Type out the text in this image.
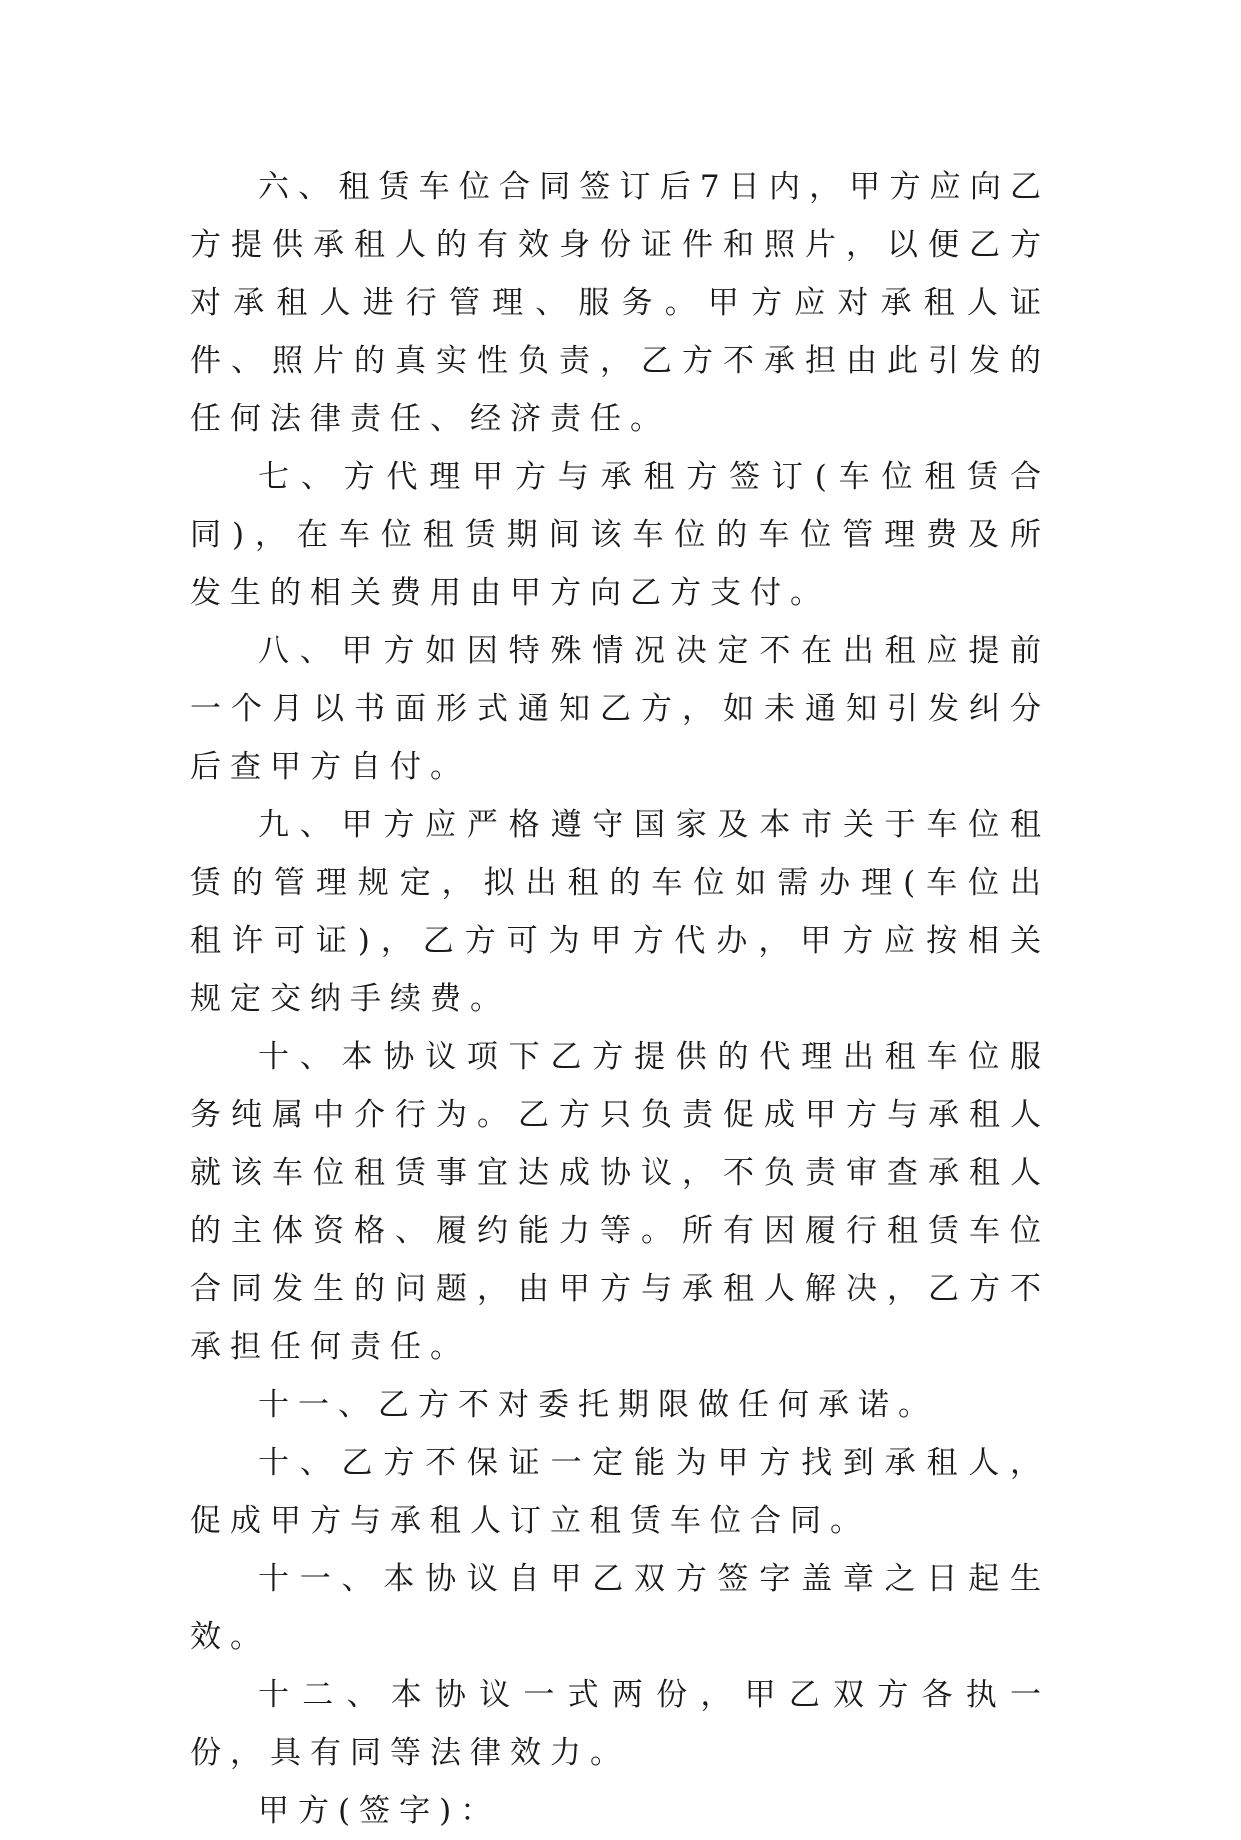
六、租赁车位合同签订后7日内，甲方应向乙方提供承租人的有效身份证件和照片，以便乙方对承租人进行管理、服务。甲方应对承租人证件、照片的真实性负责，乙方不承担由此引发的任何法律责任、经济责任。

七、方代理甲方与承租方签订(车位租赁合同)，在车位租赁期间该车位的车位管理费及所发生的相关费用由甲方向乙方支付。

八、甲方如因特殊情况决定不在出租应提前一个月以书面形式通知乙方，如未通知引发纠分后查甲方自付。

九、甲方应严格遵守国家及本市关于车位租赁的管理规定，拟出租的车位如需办理(车位出租许可证)，乙方可为甲方代办，甲方应按相关规定交纳手续费。

十、本协议项下乙方提供的代理出租车位服务纯属中介行为。乙方只负责促成甲方与承租人就该车位租赁事宜达成协议，不负责审查承租人的主体资格、履约能力等。所有因履行租赁车位合同发生的问题，由甲方与承租人解决，乙方不承担任何责任。

十一、乙方不对委托期限做任何承诺。

十、乙方不保证一定能为甲方找到承租人，促成甲方与承租人订立租赁车位合同。

十一、本协议自甲乙双方签字盖章之日起生效。

十二、本协议一式两份，甲乙双方各执一份，具有同等法律效力。

甲方(签字)：
